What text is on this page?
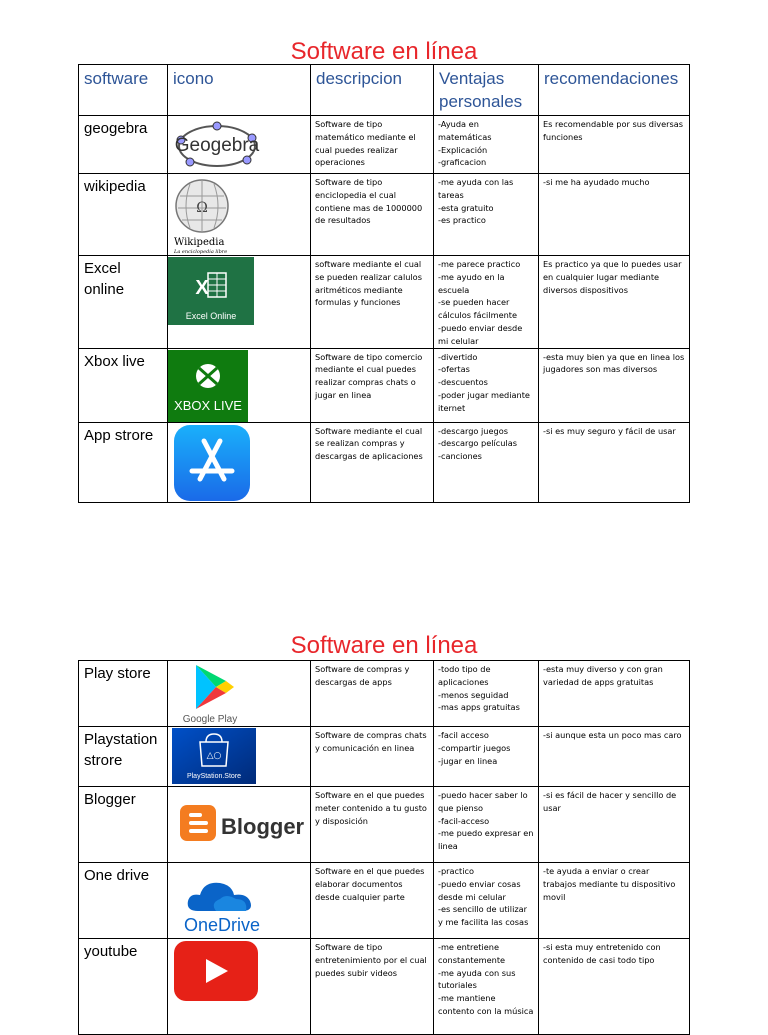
Software en línea
software	icono	descripcion	Ventajas personales	recomendaciones
geogebra	Geogebra	Software de tipo matemático mediante el cual puedes realizar operaciones	-Ayuda en matemáticas
-Explicación
-graficacion	Es recomendable por sus diversas funciones
wikipedia	Ω
Wikipedia
La enciclopedia libre	Software de tipo enciclopedia el cual contiene mas de 1000000 de resultados	-me ayuda con las tareas
-esta gratuito
-es practico	-si me ha ayudado mucho
Excel online	X
Excel Online	software mediante el cual se pueden realizar calulos aritméticos mediante formulas y funciones	-me parece practico
-me ayudo en la escuela
-se pueden hacer cálculos fácilmente
-puedo enviar desde mi celular	Es practico ya que lo puedes usar en cualquier lugar mediante diversos dispositivos
Xbox live	XBOX LIVE	Software de tipo comercio mediante el cual puedes realizar compras chats o jugar en linea	-divertido
-ofertas
-descuentos
-poder jugar mediante iternet	-esta muy bien ya que en linea los jugadores son mas diversos
App strore		Software mediante el cual se realizan compras y descargas de aplicaciones	-descargo juegos
-descargo películas
-canciones	-si es muy seguro y fácil de usar
Software en línea
Play store	Google Play	Software de compras y descargas de apps	-todo tipo de aplicaciones
-menos seguidad
-mas apps gratuitas	-esta muy diverso y con gran variedad de apps gratuitas
Playstation strore	△○
PlayStation.Store	Software de compras chats y comunicación en linea	-facil acceso
-compartir juegos
-jugar en linea	-si aunque esta un poco mas caro
Blogger	Blogger	Software en el que puedes meter contenido a tu gusto y disposición	-puedo hacer saber lo que pienso
-facil-acceso
-me puedo expresar en linea	-si es fácil de hacer y sencillo de usar
One drive	OneDrive	Software en el que puedes elaborar documentos desde cualquier parte	-practico
-puedo enviar cosas desde mi celular
-es sencillo de utilizar y me facilita las cosas	-te ayuda a enviar o crear trabajos mediante tu dispositivo movil
youtube		Software de tipo entretenimiento por el cual puedes subir videos	-me entretiene constantemente
-me ayuda con sus tutoriales
-me mantiene contento con la música	-si esta muy entretenido con contenido de casi todo tipo
